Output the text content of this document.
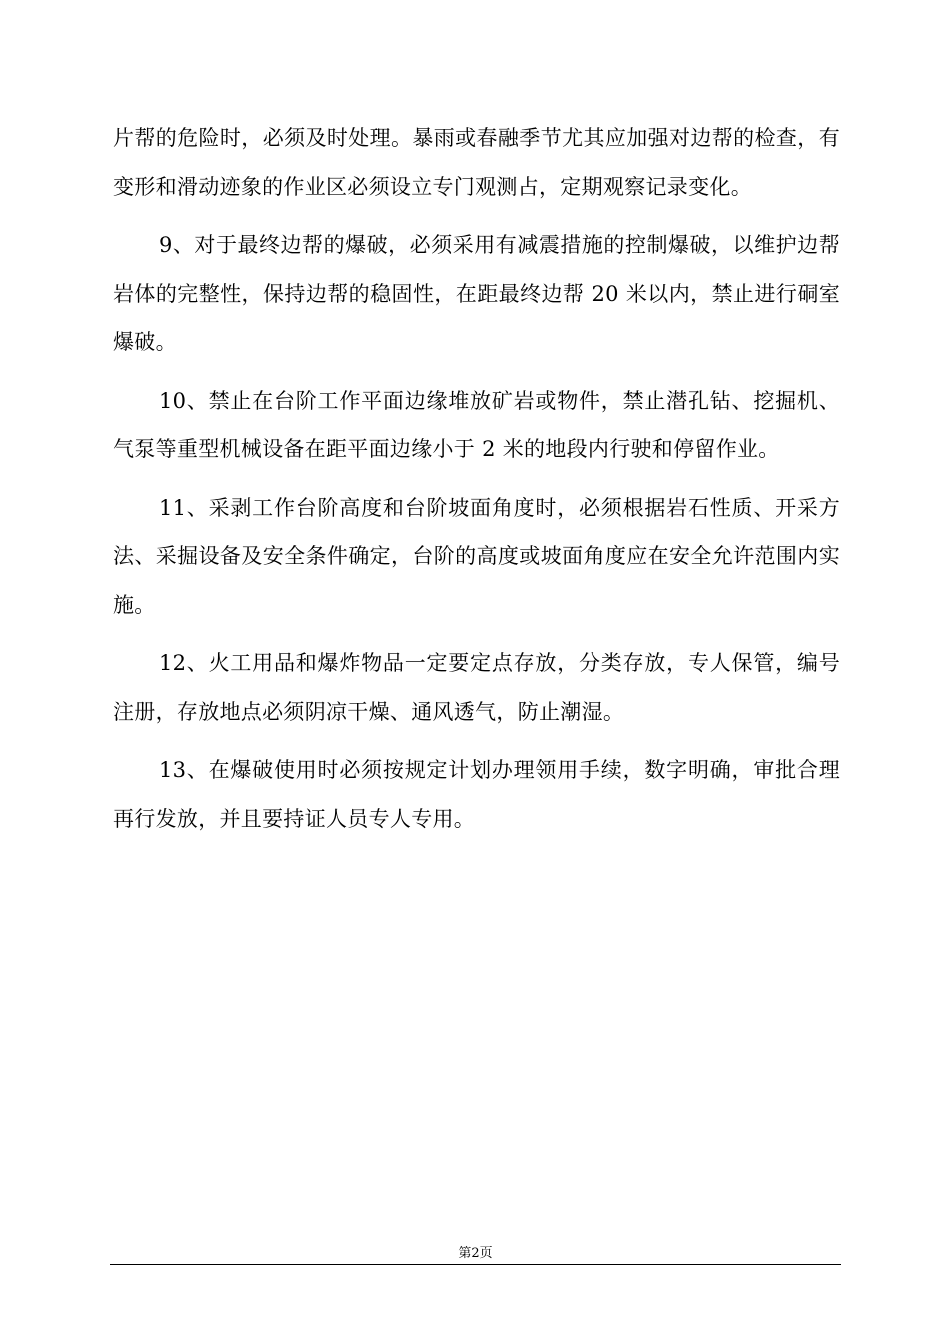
片帮的危险时，必须及时处理。暴雨或春融季节尤其应加强对边帮的检查，有变形和滑动迹象的作业区必须设立专门观测占，定期观察记录变化。

9、对于最终边帮的爆破，必须采用有减震措施的控制爆破，以维护边帮岩体的完整性，保持边帮的稳固性，在距最终边帮 20 米以内，禁止进行硐室爆破。

10、禁止在台阶工作平面边缘堆放矿岩或物件，禁止潜孔钻、挖掘机、气泵等重型机械设备在距平面边缘小于 2 米的地段内行驶和停留作业。

11、采剥工作台阶高度和台阶坡面角度时，必须根据岩石性质、开采方法、采掘设备及安全条件确定，台阶的高度或坡面角度应在安全允许范围内实施。

12、火工用品和爆炸物品一定要定点存放，分类存放，专人保管，编号注册，存放地点必须阴凉干燥、通风透气，防止潮湿。

13、在爆破使用时必须按规定计划办理领用手续，数字明确，审批合理再行发放，并且要持证人员专人专用。

第2页
